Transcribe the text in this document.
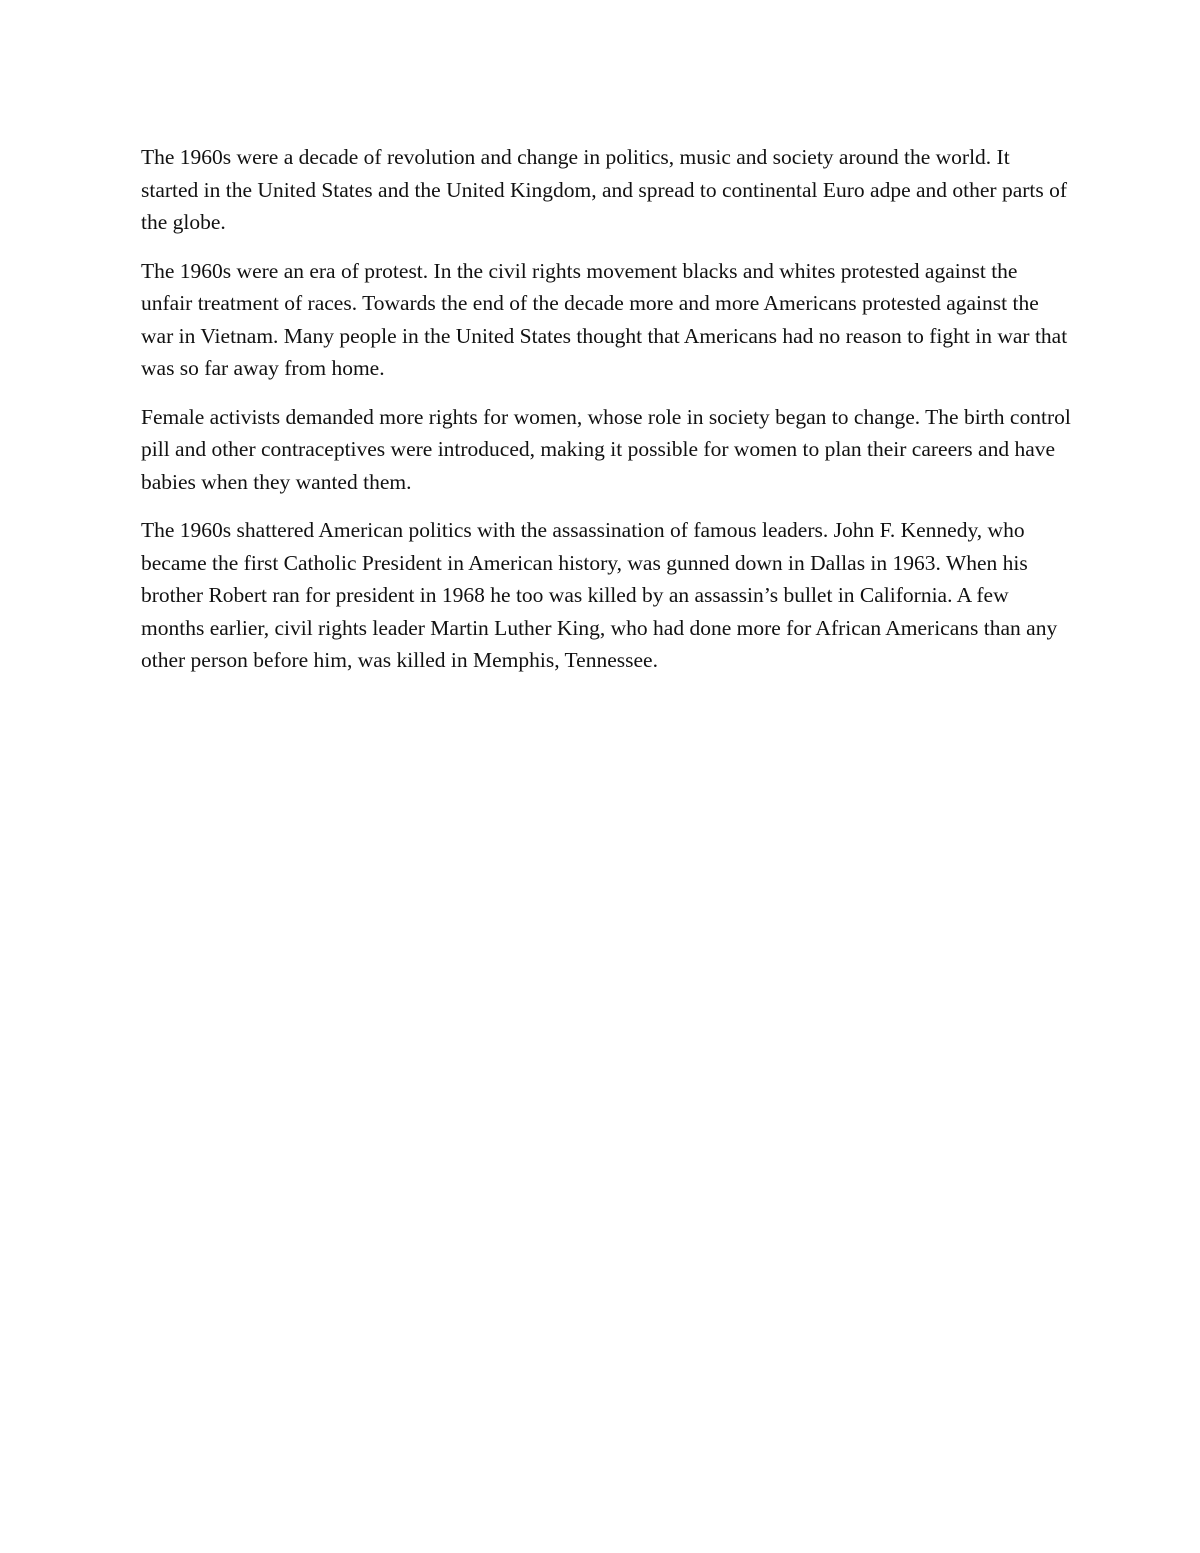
The 1960s were a decade of revolution and change in politics, music and society around the world. It started in the United States and the United Kingdom, and spread to continental Euro adpe and other parts of the globe.

The 1960s were an era of protest. In the civil rights movement blacks and whites protested against the unfair treatment of races. Towards the end of the decade more and more Americans protested against the war in Vietnam. Many people in the United States thought that Americans had no reason to fight in war that was so far away from home.

Female activists demanded more rights for women, whose role in society began to change. The birth control pill and other contraceptives were introduced, making it possible for women to plan their careers and have babies when they wanted them.

The 1960s shattered American politics with the assassination of famous leaders. John F. Kennedy, who became the first Catholic President in American history, was gunned down in Dallas in 1963. When his brother Robert ran for president in 1968 he too was killed by an assassin’s bullet in California. A few months earlier, civil rights leader Martin Luther King, who had done more for African Americans than any other person before him, was killed in Memphis, Tennessee.
